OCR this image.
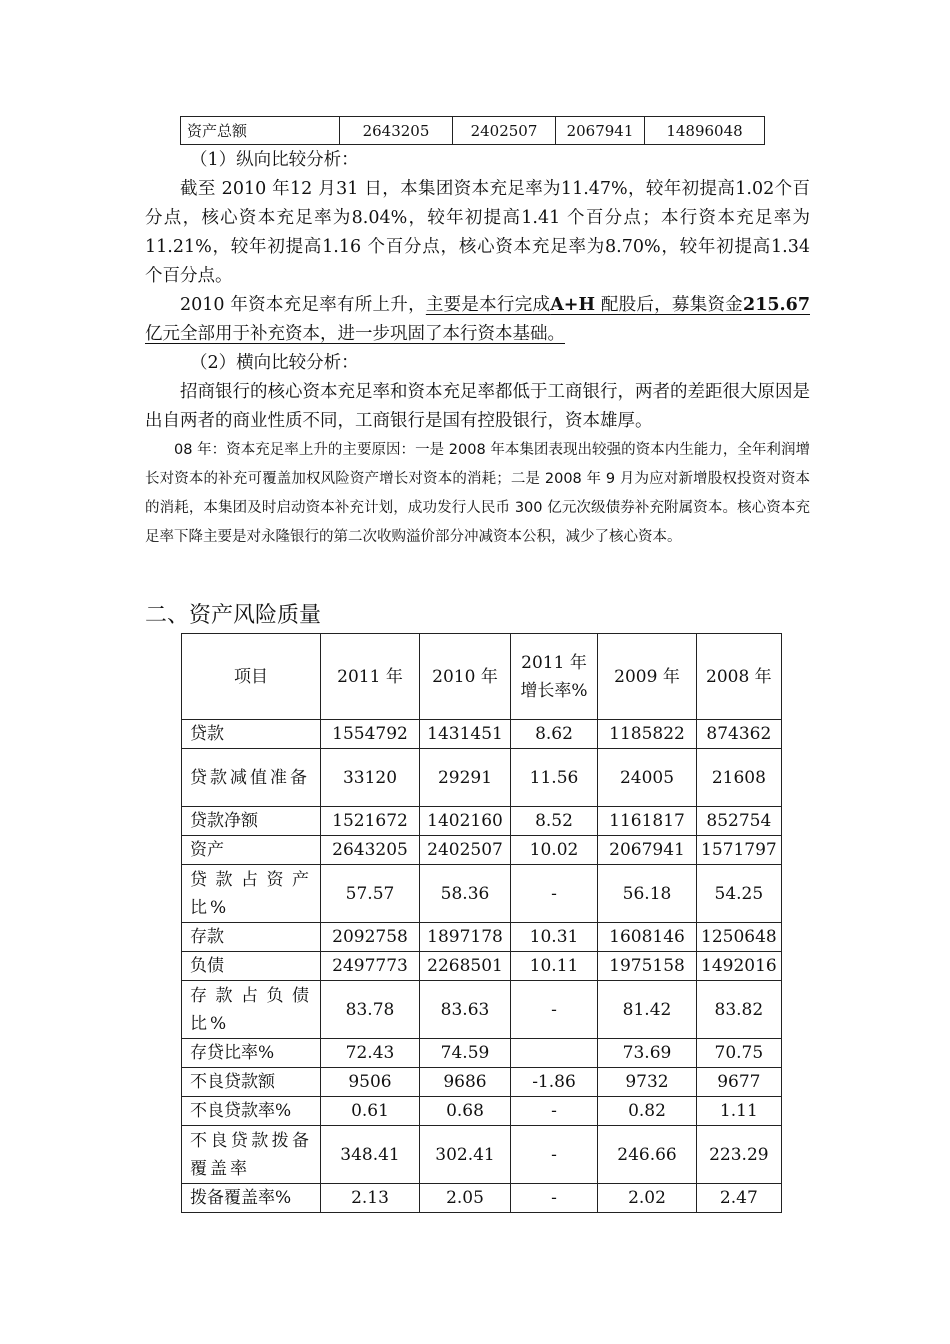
资产总额	2643205	2402507	2067941	14896048
（1）纵向比较分析：
截至 2010 年12 月31 日，本集团资本充足率为11.47%，较年初提高1.02个百分点，核心资本充足率为8.04%，较年初提高1.41 个百分点；本行资本充足率为11.21%，较年初提高1.16 个百分点，核心资本充足率为8.70%，较年初提高1.34 个百分点。
2010 年资本充足率有所上升，主要是本行完成A+H 配股后，募集资金215.67 亿元全部用于补充资本，进一步巩固了本行资本基础。
（2）横向比较分析：
招商银行的核心资本充足率和资本充足率都低于工商银行，两者的差距很大原因是出自两者的商业性质不同，工商银行是国有控股银行，资本雄厚。
08 年：资本充足率上升的主要原因：一是 2008 年本集团表现出较强的资本内生能力，全年利润增长对资本的补充可覆盖加权风险资产增长对资本的消耗；二是 2008 年 9 月为应对新增股权投资对资本的消耗，本集团及时启动资本补充计划，成功发行人民币 300 亿元次级债券补充附属资本。核心资本充足率下降主要是对永隆银行的第二次收购溢价部分冲减资本公积，减少了核心资本。
二、资产风险质量
项目	2011 年	2010 年	2011 年增长率%	2009 年	2008 年
贷款	1554792	1431451	8.62	1185822	874362
贷款减值准备	33120	29291	11.56	24005	21608
贷款净额	1521672	1402160	8.52	1161817	852754
资产	2643205	2402507	10.02	2067941	1571797
贷款占资产比%	57.57	58.36	-	56.18	54.25
存款	2092758	1897178	10.31	1608146	1250648
负债	2497773	2268501	10.11	1975158	1492016
存款占负债比%	83.78	83.63	-	81.42	83.82
存贷比率%	72.43	74.59		73.69	70.75
不良贷款额	9506	9686	-1.86	9732	9677
不良贷款率%	0.61	0.68	-	0.82	1.11
不良贷款拨备覆盖率	348.41	302.41	-	246.66	223.29
拨备覆盖率%	2.13	2.05	-	2.02	2.47
